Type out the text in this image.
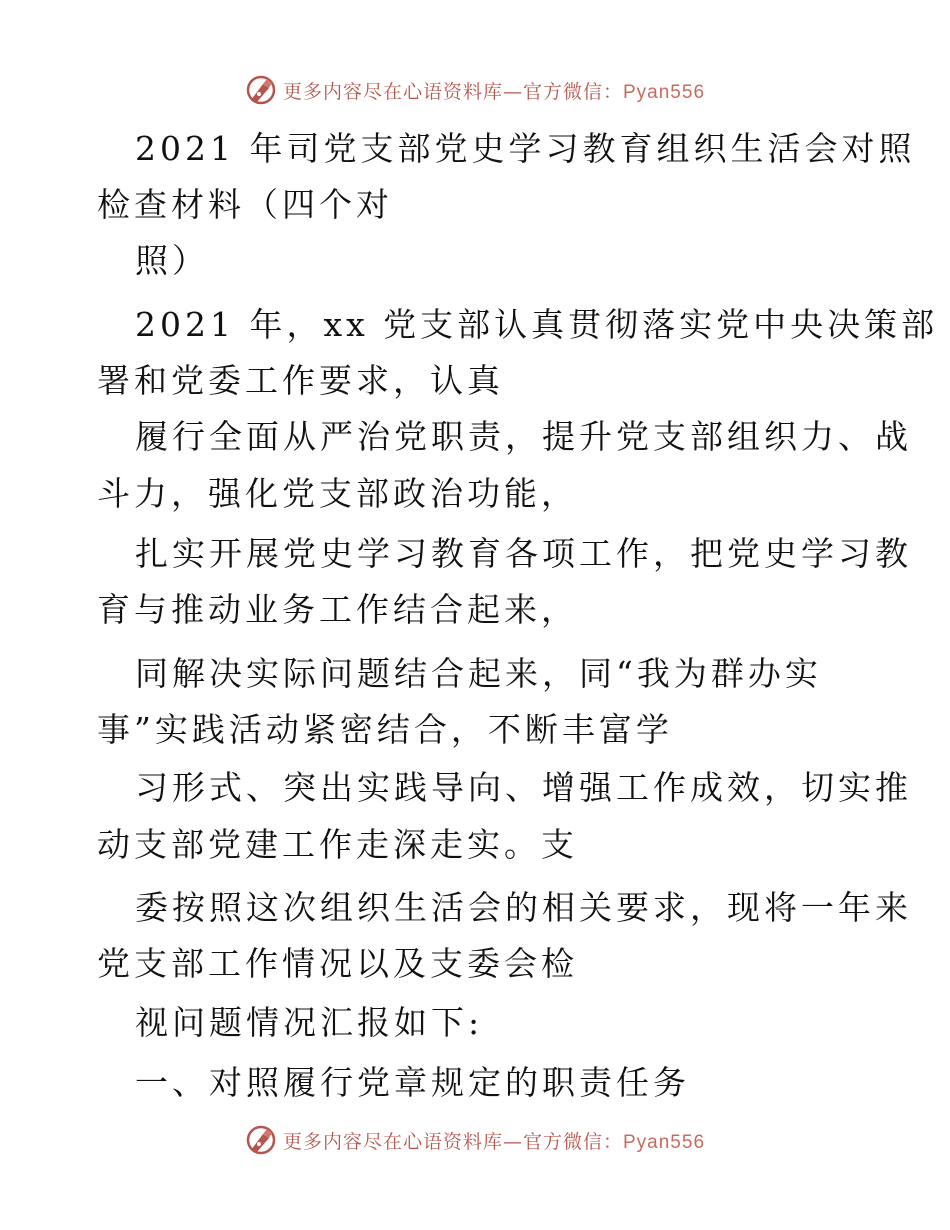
更多内容尽在心语资料库—官方微信：Pyan556
2021 年司党支部党史学习教育组织生活会对照
检查材料（四个对
照）
2021 年，xx 党支部认真贯彻落实党中央决策部
署和党委工作要求，认真
履行全面从严治党职责，提升党支部组织力、战
斗力，强化党支部政治功能，
扎实开展党史学习教育各项工作，把党史学习教
育与推动业务工作结合起来，
同解决实际问题结合起来，同“我为群办实
事”实践活动紧密结合，不断丰富学
习形式、突出实践导向、增强工作成效，切实推
动支部党建工作走深走实。支
委按照这次组织生活会的相关要求，现将一年来
党支部工作情况以及支委会检
视问题情况汇报如下:
一、对照履行党章规定的职责任务
更多内容尽在心语资料库—官方微信：Pyan556
